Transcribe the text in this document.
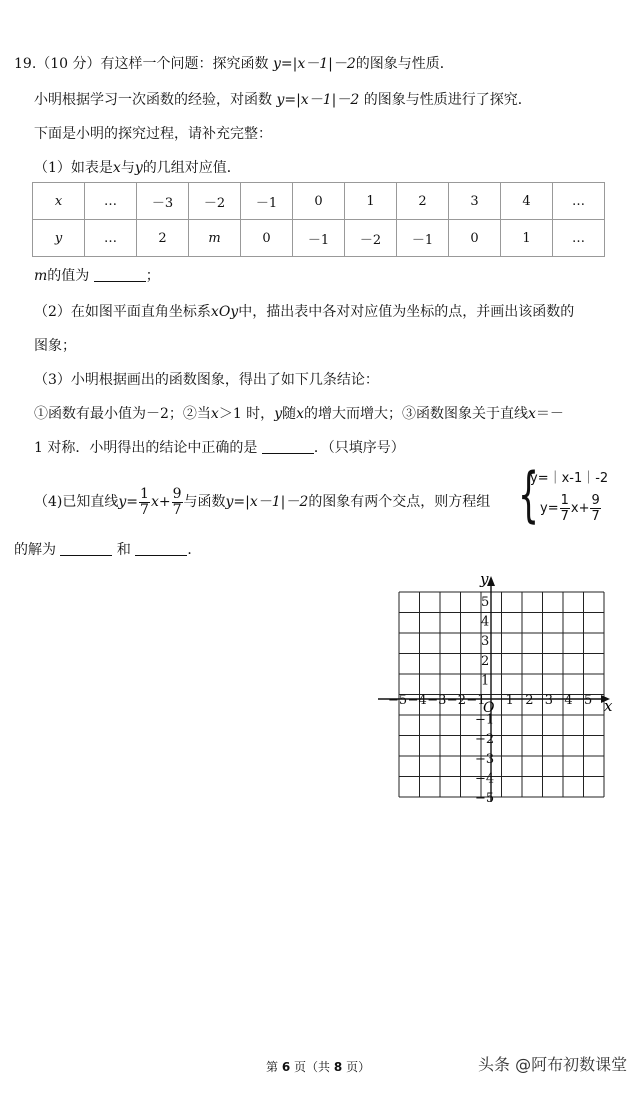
19.（10 分）有这样一个问题：探究函数 y=|x－1|－2的图象与性质．
小明根据学习一次函数的经验，对函数 y=|x－1|－2 的图象与性质进行了探究．
下面是小明的探究过程，请补充完整：
（1）如表是x与y的几组对应值．
x	…	－3	－2	－1	0	1	2	3	4	…
y	…	2	m	0	－1	－2	－1	0	1	…
m的值为	；
（2）在如图平面直角坐标系xOy中，描出表中各对对应值为坐标的点，并画出该函数的
图象；
（3）小明根据画出的函数图象，得出了如下几条结论：
①函数有最小值为－2；②当x＞1 时，y随x的增大而增大；③函数图象关于直线x＝－
1 对称．小明得出的结论中正确的是	．（只填序号）
（4)已知直线$y= \frac{1}{7} x+ \frac{9}{7}$ 与函数y=|x－1|－2的图象有两个交点，则方程组 {
y=｜x-1｜-2
$y= \frac{1}{7} x+ \frac{9}{7}$
的解为	和	．
x
y
O
−5 −4 −3 −2 −1 1 2 3 4 5
5
4
3
2
1
−1
−2
−3
−4
−5
第 6 页（共 8 页）	头条 @阿布初数课堂
